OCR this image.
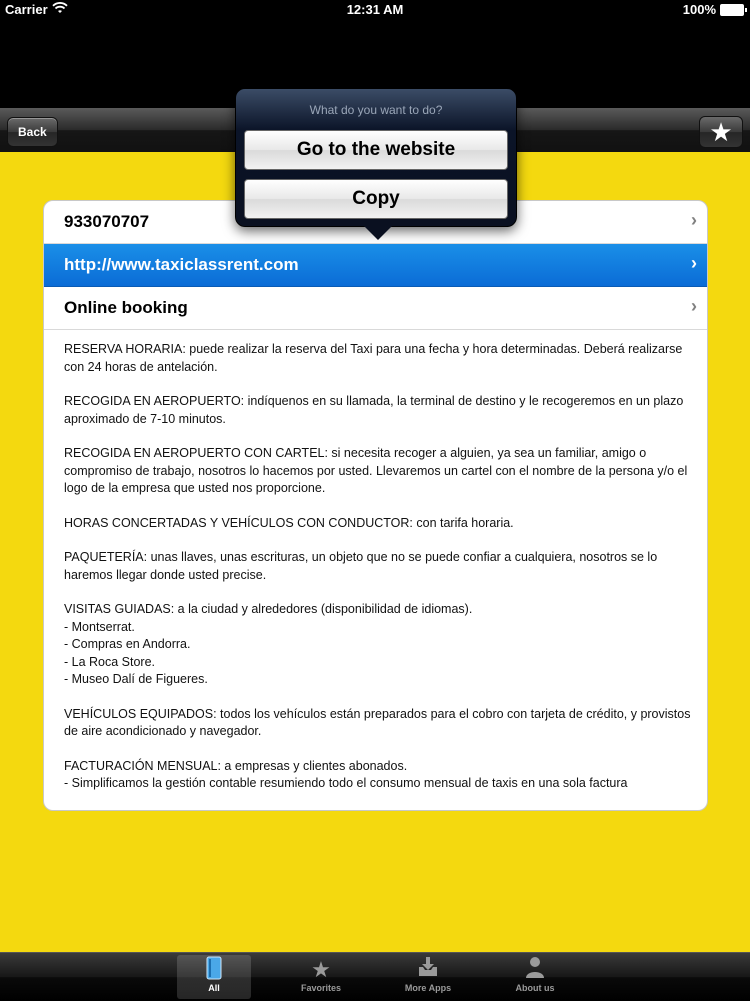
Carrier	12:31 AM	100%
Back	★
933070707	›
http://www.taxiclassrent.com	›
Online booking	›

RESERVA HORARIA: puede realizar la reserva del Taxi para una fecha y hora determinadas. Deberá realizarse con 24 horas de antelación.

RECOGIDA EN AEROPUERTO: indíquenos en su llamada, la terminal de destino y le recogeremos en un plazo aproximado de 7-10 minutos.

RECOGIDA EN AEROPUERTO CON CARTEL: si necesita recoger a alguien, ya sea un familiar, amigo o compromiso de trabajo, nosotros lo hacemos por usted. Llevaremos un cartel con el nombre de la persona y/o el logo de la empresa que usted nos proporcione.

HORAS CONCERTADAS Y VEHÍCULOS CON CONDUCTOR: con tarifa horaria.

PAQUETERÍA: unas llaves, unas escrituras, un objeto que no se puede confiar a cualquiera, nosotros se lo haremos llegar donde usted precise.

VISITAS GUIADAS: a la ciudad y alrededores (disponibilidad de idiomas).
- Montserrat.
- Compras en Andorra.
- La Roca Store.
- Museo Dalí de Figueres.

VEHÍCULOS EQUIPADOS: todos los vehículos están preparados para el cobro con tarjeta de crédito, y provistos de aire acondicionado y navegador.

FACTURACIÓN MENSUAL: a empresas y clientes abonados.
- Simplificamos la gestión contable resumiendo todo el consumo mensual de taxis en una sola factura

What do you want to do?
Go to the website
Copy
All
★
Favorites	More Apps	About us
